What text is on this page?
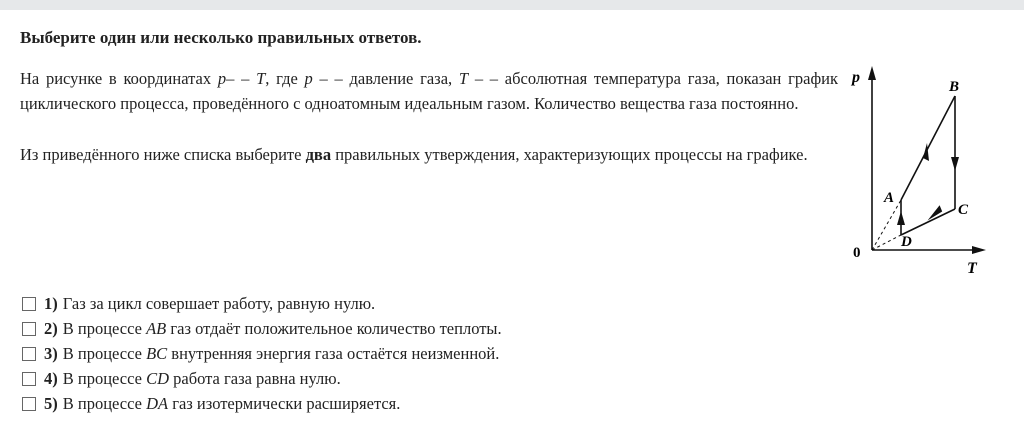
Выберите один или несколько правильных ответов.
На рисунке в координатах p– – T, где p – – давление газа, T – – абсолютная температура газа, показан график циклического процесса, проведённого с одноатомным идеальным газом. Количество вещества газа постоянно.
Из приведённого ниже списка выберите два правильных утверждения, характеризующих процессы на графике.
p
T
0
A
B
C
D
1) Газ за цикл совершает работу, равную нулю.
2) В процессе AB газ отдаёт положительное количество теплоты.
3) В процессе BC внутренняя энергия газа остаётся неизменной.
4) В процессе CD работа газа равна нулю.
5) В процессе DA газ изотермически расширяется.
